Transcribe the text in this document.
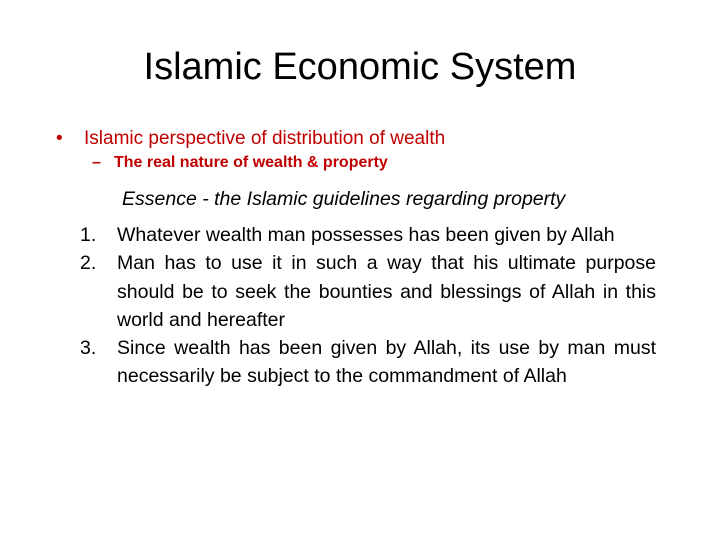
Islamic Economic System
•	Islamic perspective of distribution of wealth
– The real nature of wealth & property
Essence - the Islamic guidelines regarding property
1.	Whatever wealth man possesses has been given by Allah
2.	Man has to use it in such a way that his ultimate purpose should be to seek the bounties and blessings of Allah in this world and hereafter
3.	Since wealth has been given by Allah, its use by man must necessarily be subject to the commandment of Allah
